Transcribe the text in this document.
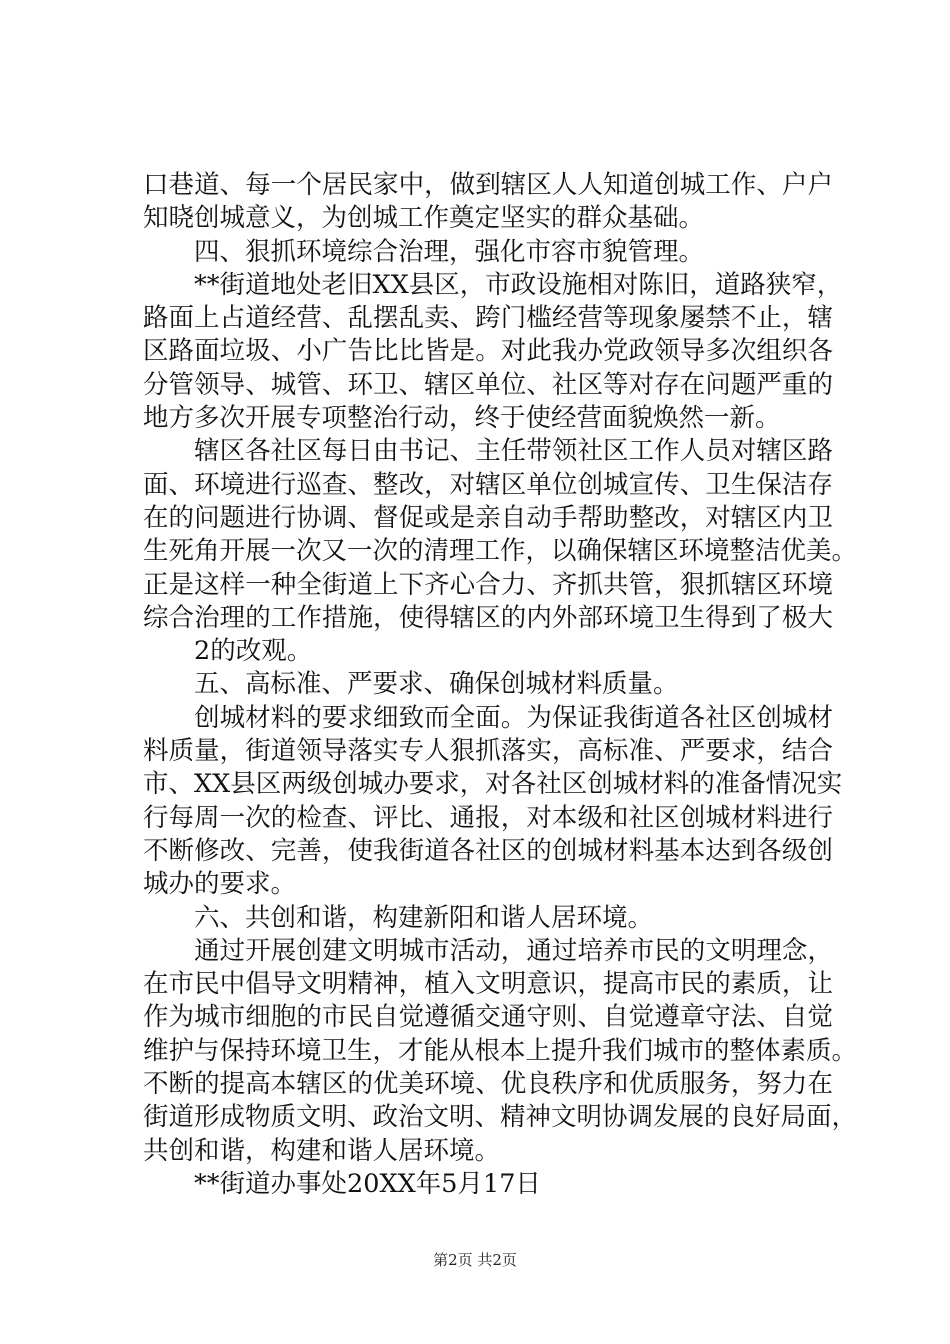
口巷道、每一个居民家中，做到辖区人人知道创城工作、户户
知晓创城意义，为创城工作奠定坚实的群众基础。
　　四、狠抓环境综合治理，强化市容市貌管理。
　　**街道地处老旧XX县区，市政设施相对陈旧，道路狭窄，
路面上占道经营、乱摆乱卖、跨门槛经营等现象屡禁不止，辖
区路面垃圾、小广告比比皆是。对此我办党政领导多次组织各
分管领导、城管、环卫、辖区单位、社区等对存在问题严重的
地方多次开展专项整治行动，终于使经营面貌焕然一新。
　　辖区各社区每日由书记、主任带领社区工作人员对辖区路
面、环境进行巡查、整改，对辖区单位创城宣传、卫生保洁存
在的问题进行协调、督促或是亲自动手帮助整改，对辖区内卫
生死角开展一次又一次的清理工作，以确保辖区环境整洁优美。
正是这样一种全街道上下齐心合力、齐抓共管，狠抓辖区环境
综合治理的工作措施，使得辖区的内外部环境卫生得到了极大
　　2的改观。
　　五、高标准、严要求、确保创城材料质量。
　　创城材料的要求细致而全面。为保证我街道各社区创城材
料质量，街道领导落实专人狠抓落实，高标准、严要求，结合
市、XX县区两级创城办要求，对各社区创城材料的准备情况实
行每周一次的检查、评比、通报，对本级和社区创城材料进行
不断修改、完善，使我街道各社区的创城材料基本达到各级创
城办的要求。
　　六、共创和谐，构建新阳和谐人居环境。
　　通过开展创建文明城市活动，通过培养市民的文明理念，
在市民中倡导文明精神，植入文明意识，提高市民的素质，让
作为城市细胞的市民自觉遵循交通守则、自觉遵章守法、自觉
维护与保持环境卫生，才能从根本上提升我们城市的整体素质。
不断的提高本辖区的优美环境、优良秩序和优质服务，努力在
街道形成物质文明、政治文明、精神文明协调发展的良好局面，
共创和谐，构建和谐人居环境。
　　**街道办事处20XX年5月17日
第2页 共2页
